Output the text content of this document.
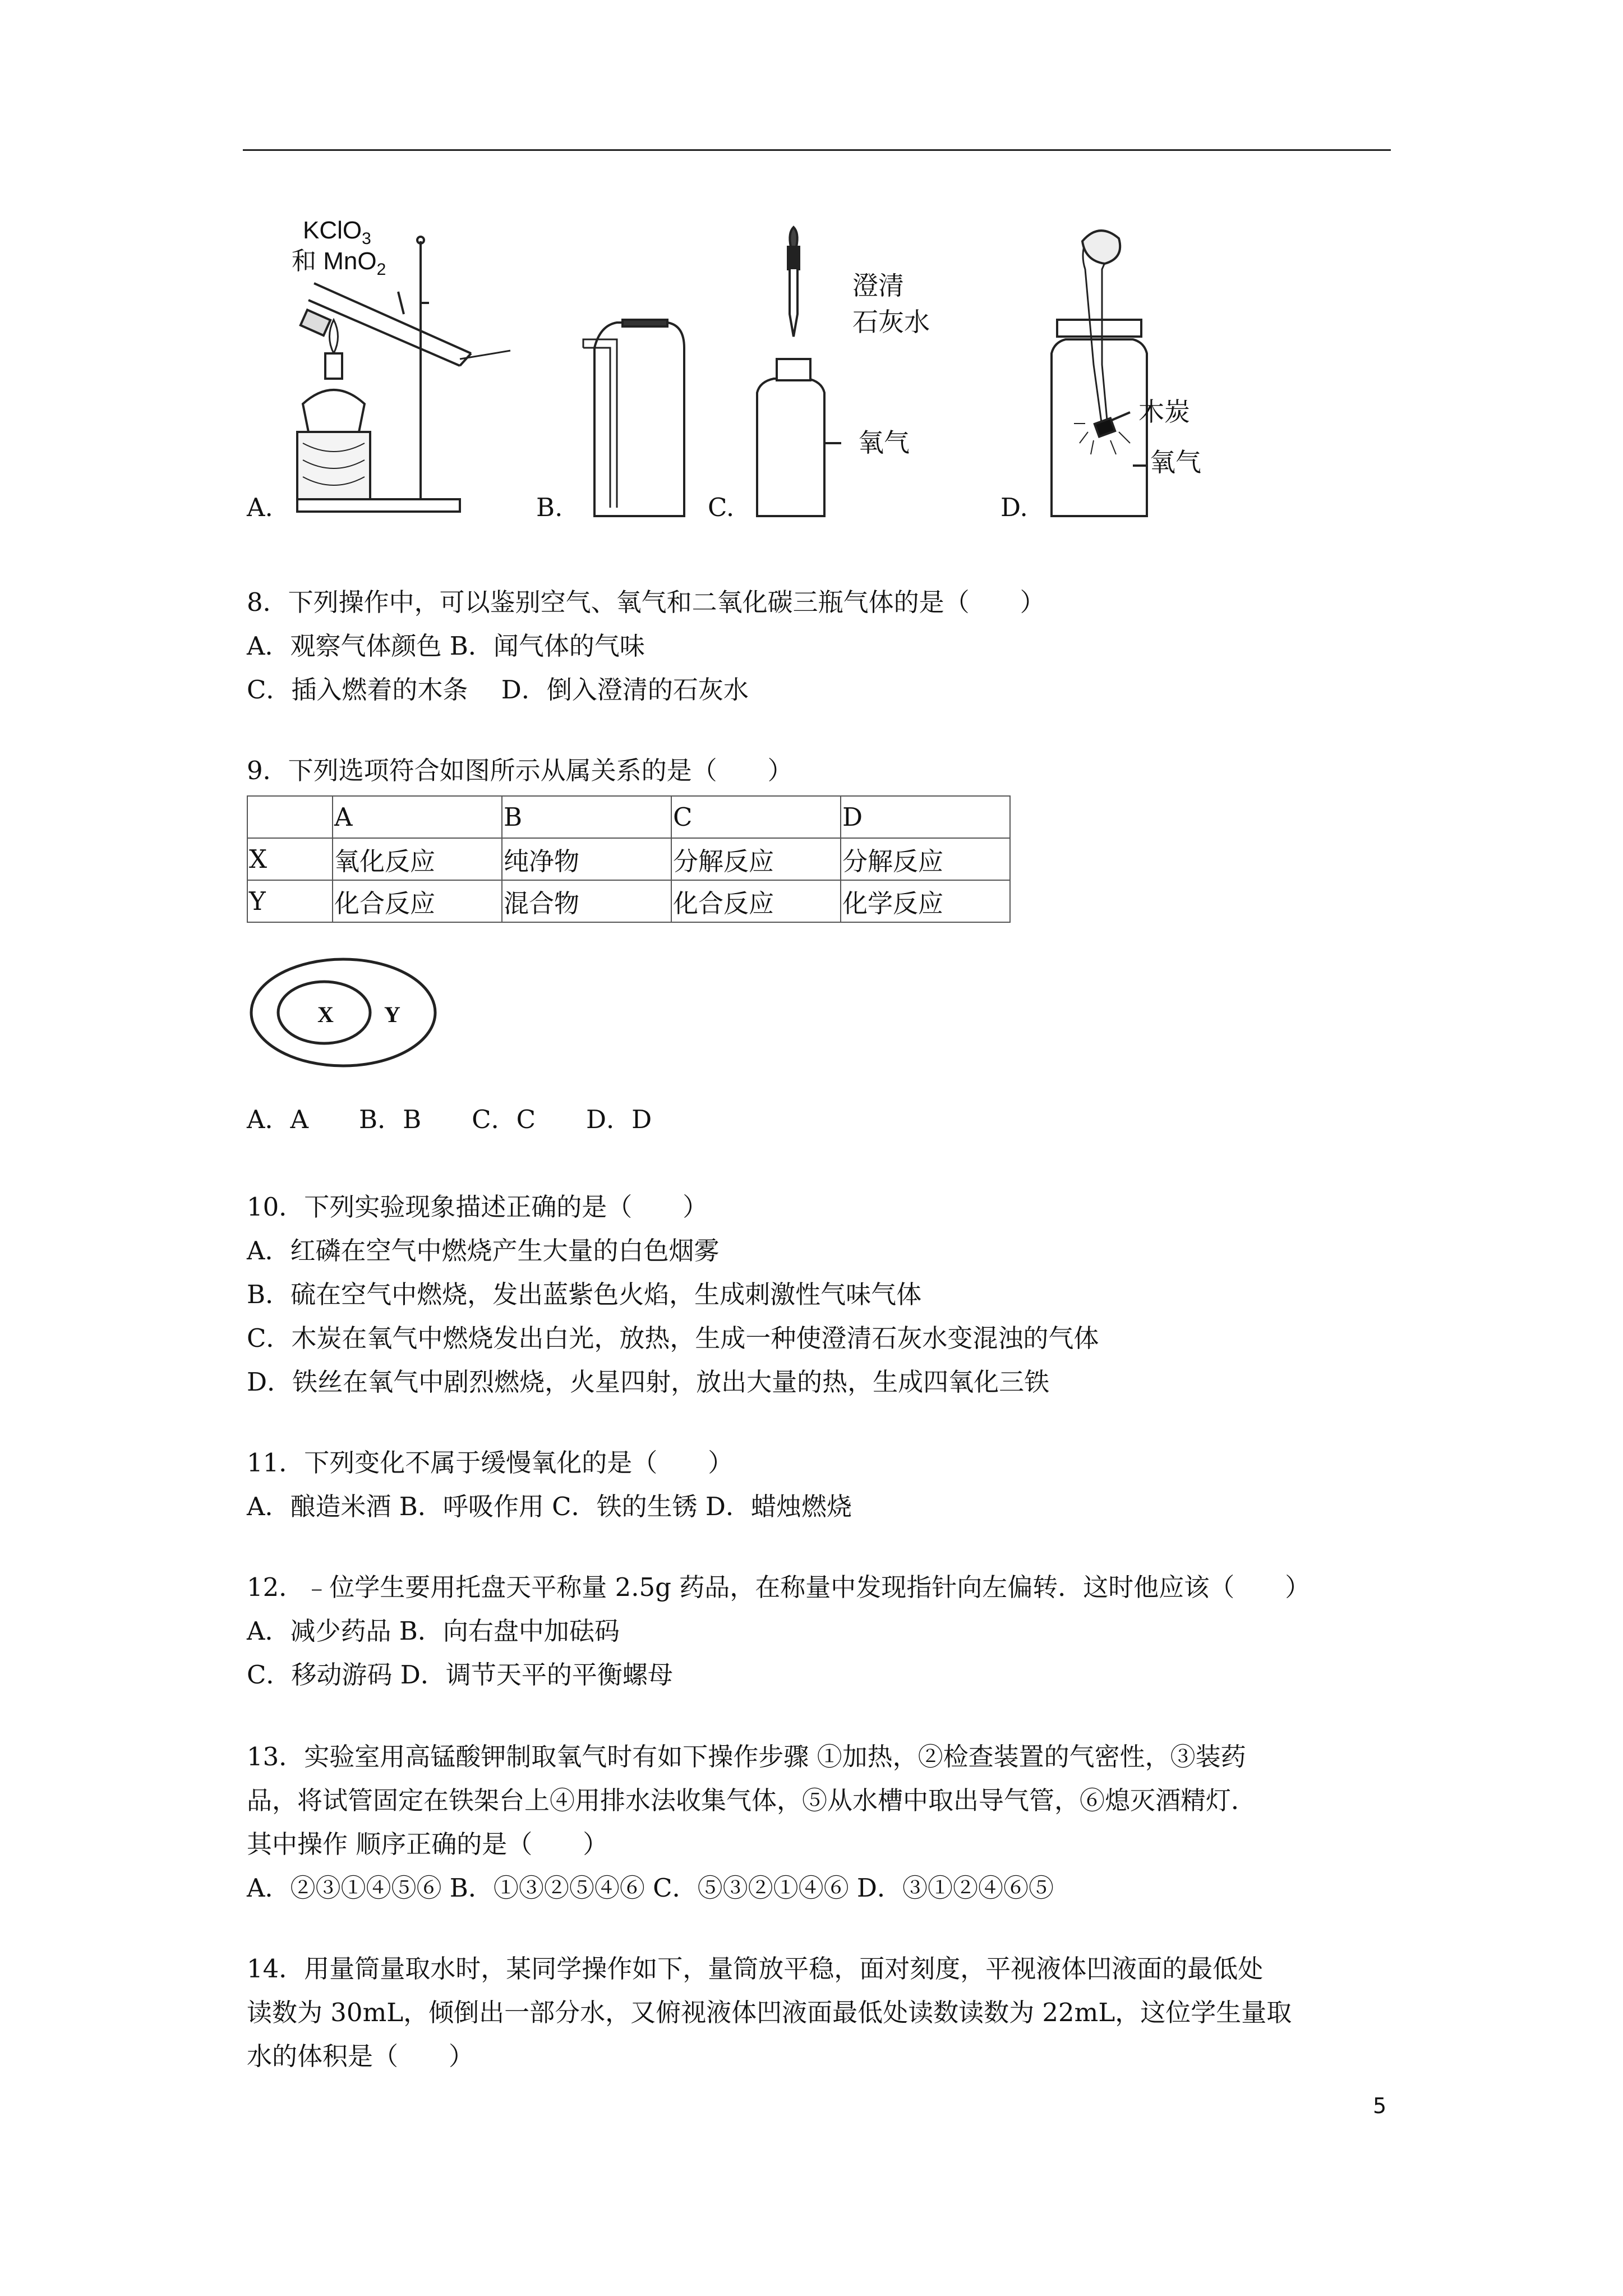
KClO$_3$
和 MnO$_2$
澄清
石灰水
氧气
木炭
氧气
A.	B.	C.	D.
8．下列操作中，可以鉴别空气、氧气和二氧化碳三瓶气体的是（　　）
A．观察气体颜色 B．闻气体的气味
C．插入燃着的木条　 D．倒入澄清的石灰水
9．下列选项符合如图所示从属关系的是（　　）
	A	B	C	D
X	氧化反应	纯净物	分解反应	分解反应
Y	化合反应	混合物	化合反应	化学反应
X Y
A．A　　B．B　　C．C　　D．D
10．下列实验现象描述正确的是（　　）
A．红磷在空气中燃烧产生大量的白色烟雾
B．硫在空气中燃烧，发出蓝紫色火焰，生成刺激性气味气体
C．木炭在氧气中燃烧发出白光，放热，生成一种使澄清石灰水变混浊的气体
D．铁丝在氧气中剧烈燃烧，火星四射，放出大量的热，生成四氧化三铁
11．下列变化不属于缓慢氧化的是（　　）
A．酿造米酒 B．呼吸作用 C．铁的生锈 D．蜡烛燃烧
12．﹣位学生要用托盘天平称量 2.5g 药品，在称量中发现指针向左偏转．这时他应该（　　）
A．减少药品 B．向右盘中加砝码
C．移动游码 D．调节天平的平衡螺母
13．实验室用高锰酸钾制取氧气时有如下操作步骤 ①加热，②检查装置的气密性，③装药
品，将试管固定在铁架台上④用排水法收集气体，⑤从水槽中取出导气管，⑥熄灭酒精灯．
其中操作 顺序正确的是（　　）
A．②③①④⑤⑥ B．①③②⑤④⑥ C．⑤③②①④⑥ D．③①②④⑥⑤
14．用量筒量取水时，某同学操作如下，量筒放平稳，面对刻度，平视液体凹液面的最低处
读数为 30mL，倾倒出一部分水，又俯视液体凹液面最低处读数读数为 22mL，这位学生量取
水的体积是（　　）
5
